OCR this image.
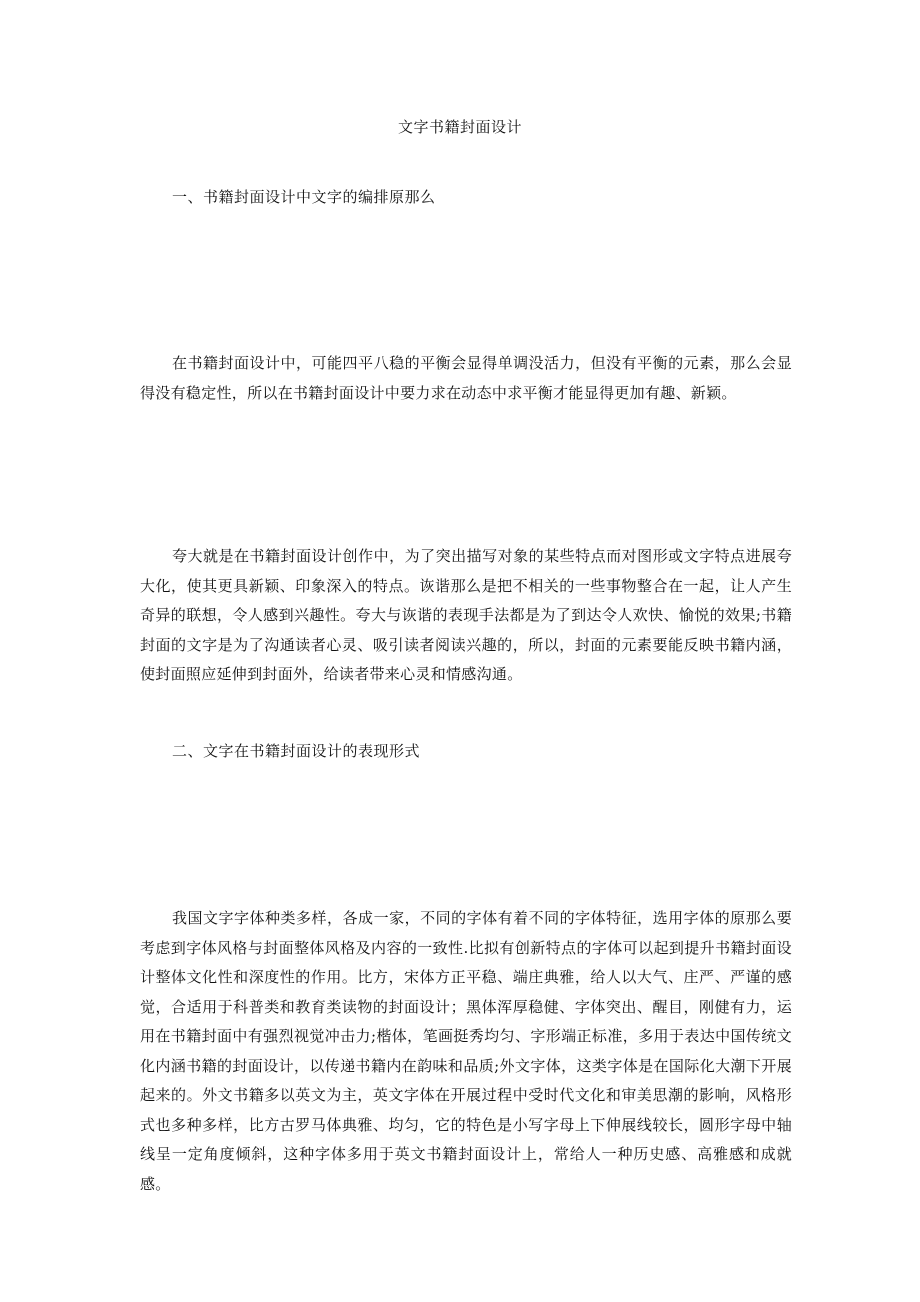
文字书籍封面设计
一、书籍封面设计中文字的编排原那么

在书籍封面设计中，可能四平八稳的平衡会显得单调没活力，但没有平衡的元素，那么会显得没有稳定性，所以在书籍封面设计中要力求在动态中求平衡才能显得更加有趣、新颖。

夸大就是在书籍封面设计创作中，为了突出描写对象的某些特点而对图形或文字特点进展夸大化，使其更具新颖、印象深入的特点。诙谐那么是把不相关的一些事物整合在一起，让人产生奇异的联想，令人感到兴趣性。夸大与诙谐的表现手法都是为了到达令人欢快、愉悦的效果;书籍封面的文字是为了沟通读者心灵、吸引读者阅读兴趣的，所以，封面的元素要能反映书籍内涵，使封面照应延伸到封面外，给读者带来心灵和情感沟通。

二、文字在书籍封面设计的表现形式

我国文字字体种类多样，各成一家，不同的字体有着不同的字体特征，选用字体的原那么要考虑到字体风格与封面整体风格及内容的一致性.比拟有创新特点的字体可以起到提升书籍封面设计整体文化性和深度性的作用。比方，宋体方正平稳、端庄典雅，给人以大气、庄严、严谨的感觉，合适用于科普类和教育类读物的封面设计；黑体浑厚稳健、字体突出、醒目，刚健有力，运用在书籍封面中有强烈视觉冲击力;楷体，笔画挺秀均匀、字形端正标准，多用于表达中国传统文化内涵书籍的封面设计，以传递书籍内在韵味和品质;外文字体，这类字体是在国际化大潮下开展起来的。外文书籍多以英文为主，英文字体在开展过程中受时代文化和审美思潮的影响，风格形式也多种多样，比方古罗马体典雅、均匀，它的特色是小写字母上下伸展线较长，圆形字母中轴线呈一定角度倾斜，这种字体多用于英文书籍封面设计上，常给人一种历史感、高雅感和成就感。
